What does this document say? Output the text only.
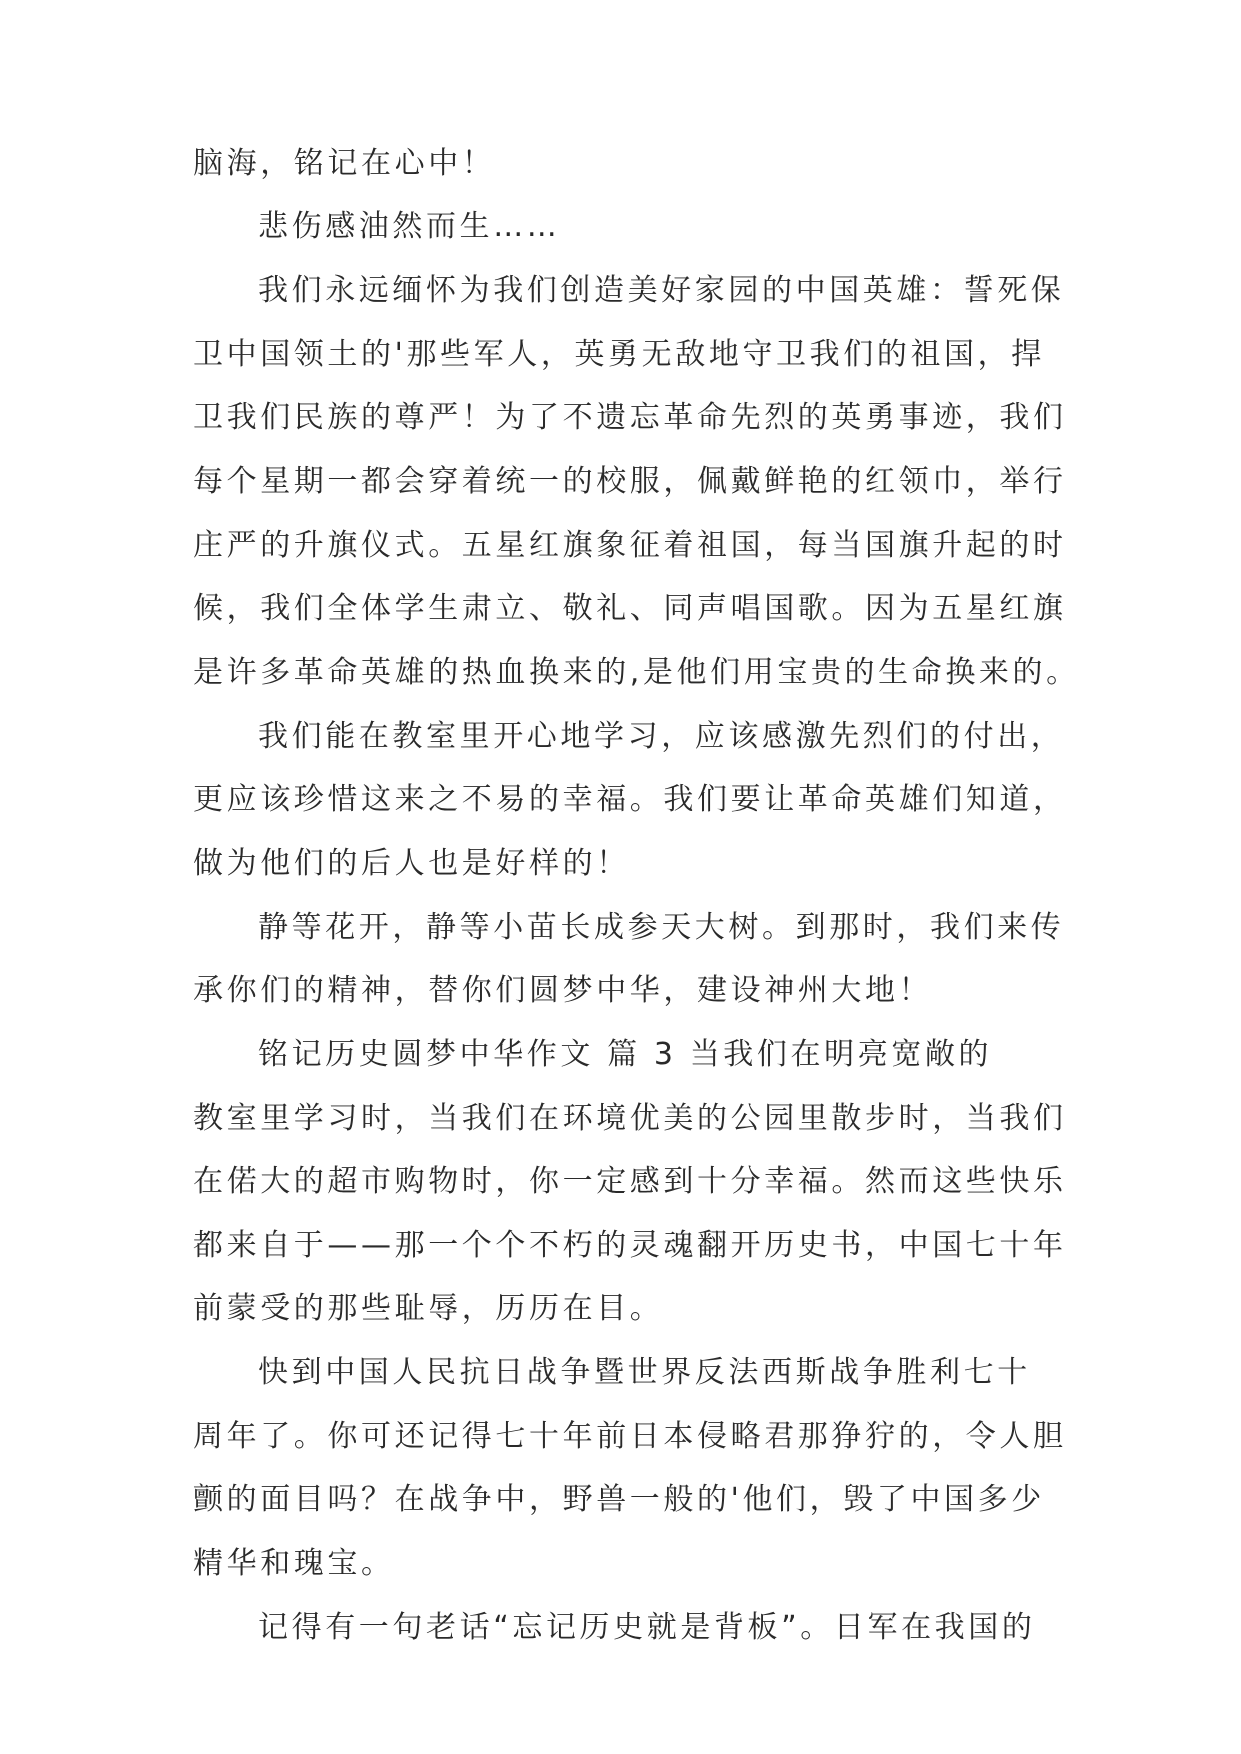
脑海，铭记在心中！
悲伤感油然而生……
我们永远缅怀为我们创造美好家园的中国英雄：誓死保
卫中国领土的'那些军人，英勇无敌地守卫我们的祖国，捍
卫我们民族的尊严！为了不遗忘革命先烈的英勇事迹，我们
每个星期一都会穿着统一的校服，佩戴鲜艳的红领巾，举行
庄严的升旗仪式。五星红旗象征着祖国，每当国旗升起的时
候，我们全体学生肃立、敬礼、同声唱国歌。因为五星红旗
是许多革命英雄的热血换来的,是他们用宝贵的生命换来的。
我们能在教室里开心地学习，应该感激先烈们的付出，
更应该珍惜这来之不易的幸福。我们要让革命英雄们知道，
做为他们的后人也是好样的！
静等花开，静等小苗长成参天大树。到那时，我们来传
承你们的精神，替你们圆梦中华，建设神州大地！
铭记历史圆梦中华作文 篇 3 当我们在明亮宽敞的
教室里学习时，当我们在环境优美的公园里散步时，当我们
在偌大的超市购物时，你一定感到十分幸福。然而这些快乐
都来自于——那一个个不朽的灵魂翻开历史书，中国七十年
前蒙受的那些耻辱，历历在目。
快到中国人民抗日战争暨世界反法西斯战争胜利七十
周年了。你可还记得七十年前日本侵略君那狰狞的，令人胆
颤的面目吗？在战争中，野兽一般的'他们，毁了中国多少
精华和瑰宝。
记得有一句老话“忘记历史就是背板”。日军在我国的
